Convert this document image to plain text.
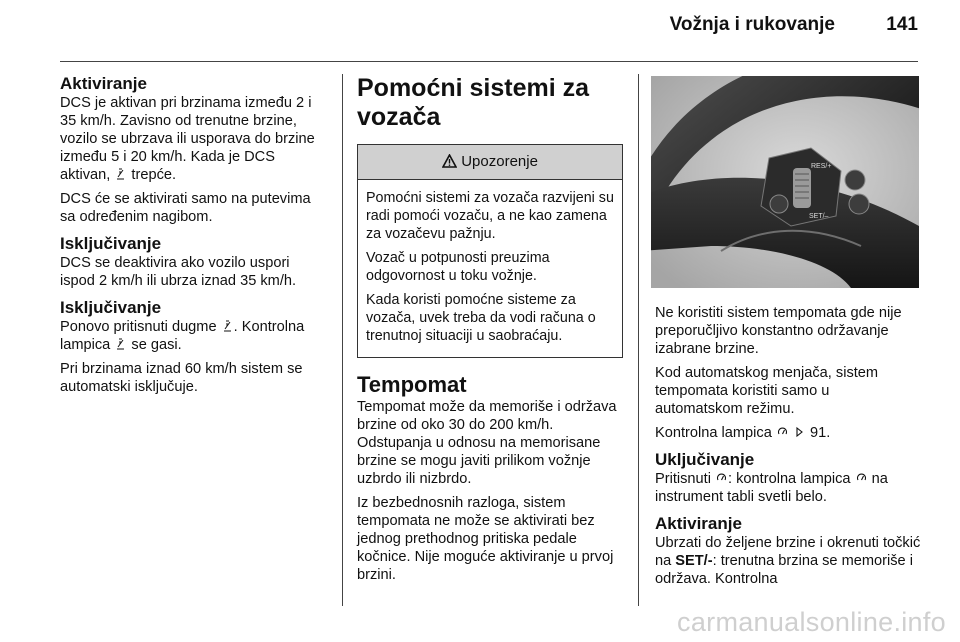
Vožnja i rukovanje	141
Aktiviranje

DCS je aktivan pri brzinama između 2 i 35 km/h. Zavisno od trenutne brzine, vozilo se ubrzava ili usporava do brzine između 5 i 20 km/h. Kada je DCS aktivan, trepće.

DCS će se aktivirati samo na putevima sa određenim nagibom.

Isključivanje

DCS se deaktivira ako vozilo uspori ispod 2 km/h ili ubrza iznad 35 km/h.

Isključivanje

Ponovo pritisnuti dugme . Kontrolna lampica se gasi.

Pri brzinama iznad 60 km/h sistem se automatski isključuje.

Pomoćni sistemi za vozača
Upozorenje

Pomoćni sistemi za vozača razvijeni su radi pomoći vozaču, a ne kao zamena za vozačevu pažnju.

Vozač u potpunosti preuzima odgovornost u toku vožnje.

Kada koristi pomoćne sisteme za vozača, uvek treba da vodi računa o trenutnoj situaciji u saobraćaju.

Tempomat

Tempomat može da memoriše i održava brzine od oko 30 do 200 km/h. Odstupanja u odnosu na memorisane brzine se mogu javiti prilikom vožnje uzbrdo ili nizbrdo.

Iz bezbednosnih razloga, sistem tempomata ne može se aktivirati bez jednog prethodnog pritiska pedale kočnice. Nije moguće aktiviranje u prvoj brzini.

RES/+
SET/–

Ne koristiti sistem tempomata gde nije preporučljivo konstantno održavanje izabrane brzine.

Kod automatskog menjača, sistem tempomata koristiti samo u automatskom režimu.

Kontrolna lampica	91.

Uključivanje

Pritisnuti : kontrolna lampica na instrument tabli svetli belo.

Aktiviranje

Ubrzati do željene brzine i okrenuti točkić na SET/-: trenutna brzina se memoriše i održava. Kontrolna

carmanualsonline.info
